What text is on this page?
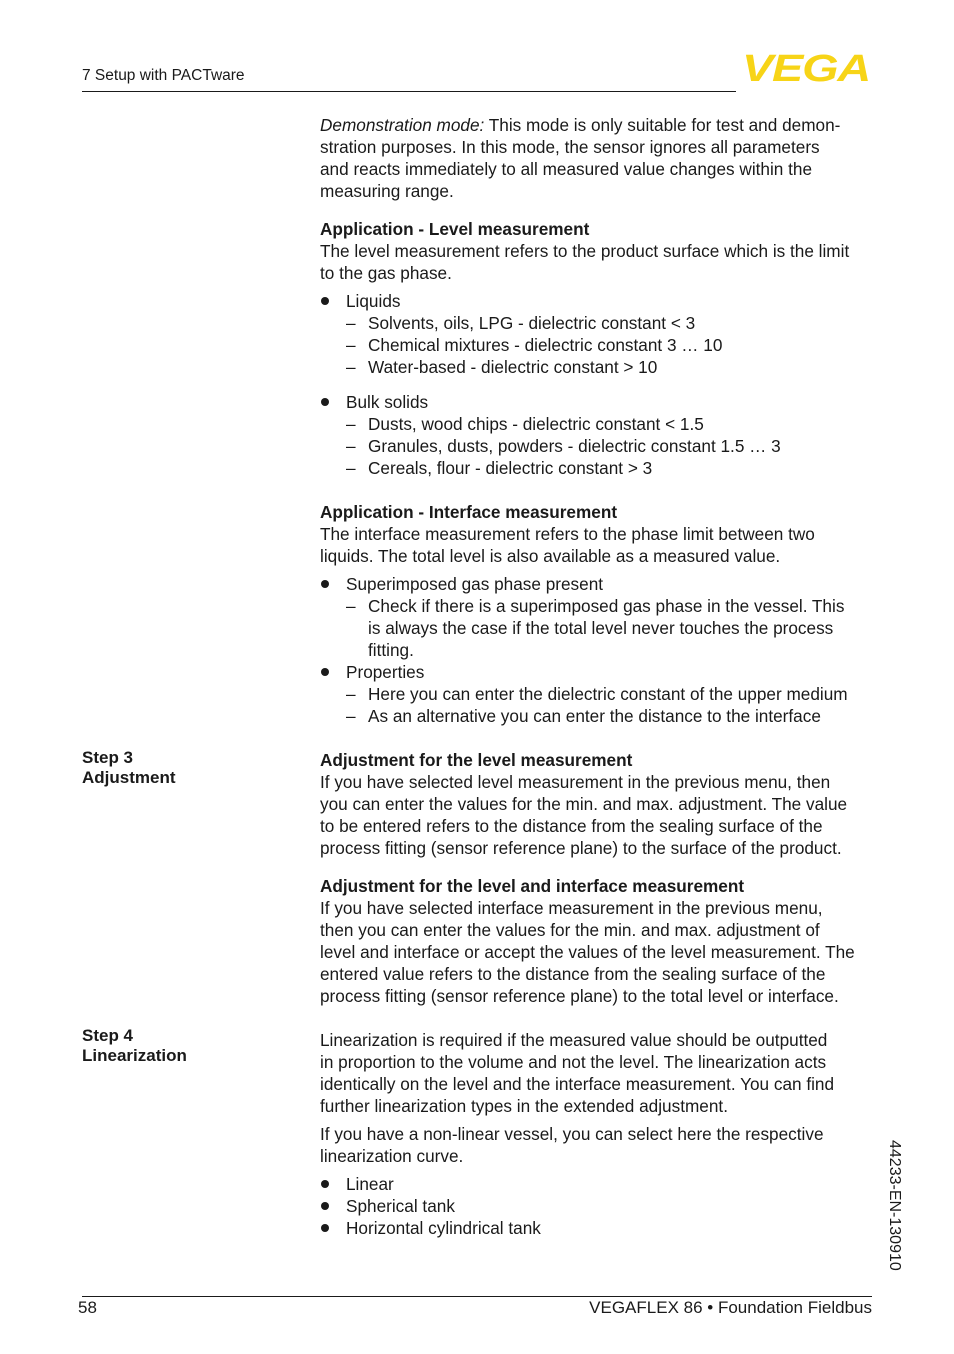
7 Setup with PACTware	VEGA
Step 3
Adjustment
Step 4
Linearization

Demonstration mode: This mode is only suitable for test and demon-

stration purposes. In this mode, the sensor ignores all parameters

and reacts immediately to all measured value changes within the

measuring range.

Application - Level measurement

The level measurement refers to the product surface which is the limit

to the gas phase.

Liquids
– Solvents, oils, LPG - dielectric constant < 3
– Chemical mixtures - dielectric constant 3 … 10
– Water-based - dielectric constant > 10
Bulk solids
– Dusts, wood chips - dielectric constant < 1.5
– Granules, dusts, powders - dielectric constant 1.5 … 3
– Cereals, flour - dielectric constant > 3

Application - Interface measurement

The interface measurement refers to the phase limit between two

liquids. The total level is also available as a measured value.

Superimposed gas phase present
– Check if there is a superimposed gas phase in the vessel. This
is always the case if the total level never touches the process
fitting.
Properties
– Here you can enter the dielectric constant of the upper medium
– As an alternative you can enter the distance to the interface

Adjustment for the level measurement

If you have selected level measurement in the previous menu, then

you can enter the values for the min. and max. adjustment. The value

to be entered refers to the distance from the sealing surface of the

process fitting (sensor reference plane) to the surface of the product.

Adjustment for the level and interface measurement

If you have selected interface measurement in the previous menu,

then you can enter the values for the min. and max. adjustment of

level and interface or accept the values of the level measurement. The

entered value refers to the distance from the sealing surface of the

process fitting (sensor reference plane) to the total level or interface.

Linearization is required if the measured value should be outputted

in proportion to the volume and not the level. The linearization acts

identically on the level and the interface measurement. You can find

further linearization types in the extended adjustment.

If you have a non-linear vessel, you can select here the respective

linearization curve.

Linear
Spherical tank
Horizontal cylindrical tank	44233-EN-130910
58	VEGAFLEX 86 • Foundation Fieldbus
